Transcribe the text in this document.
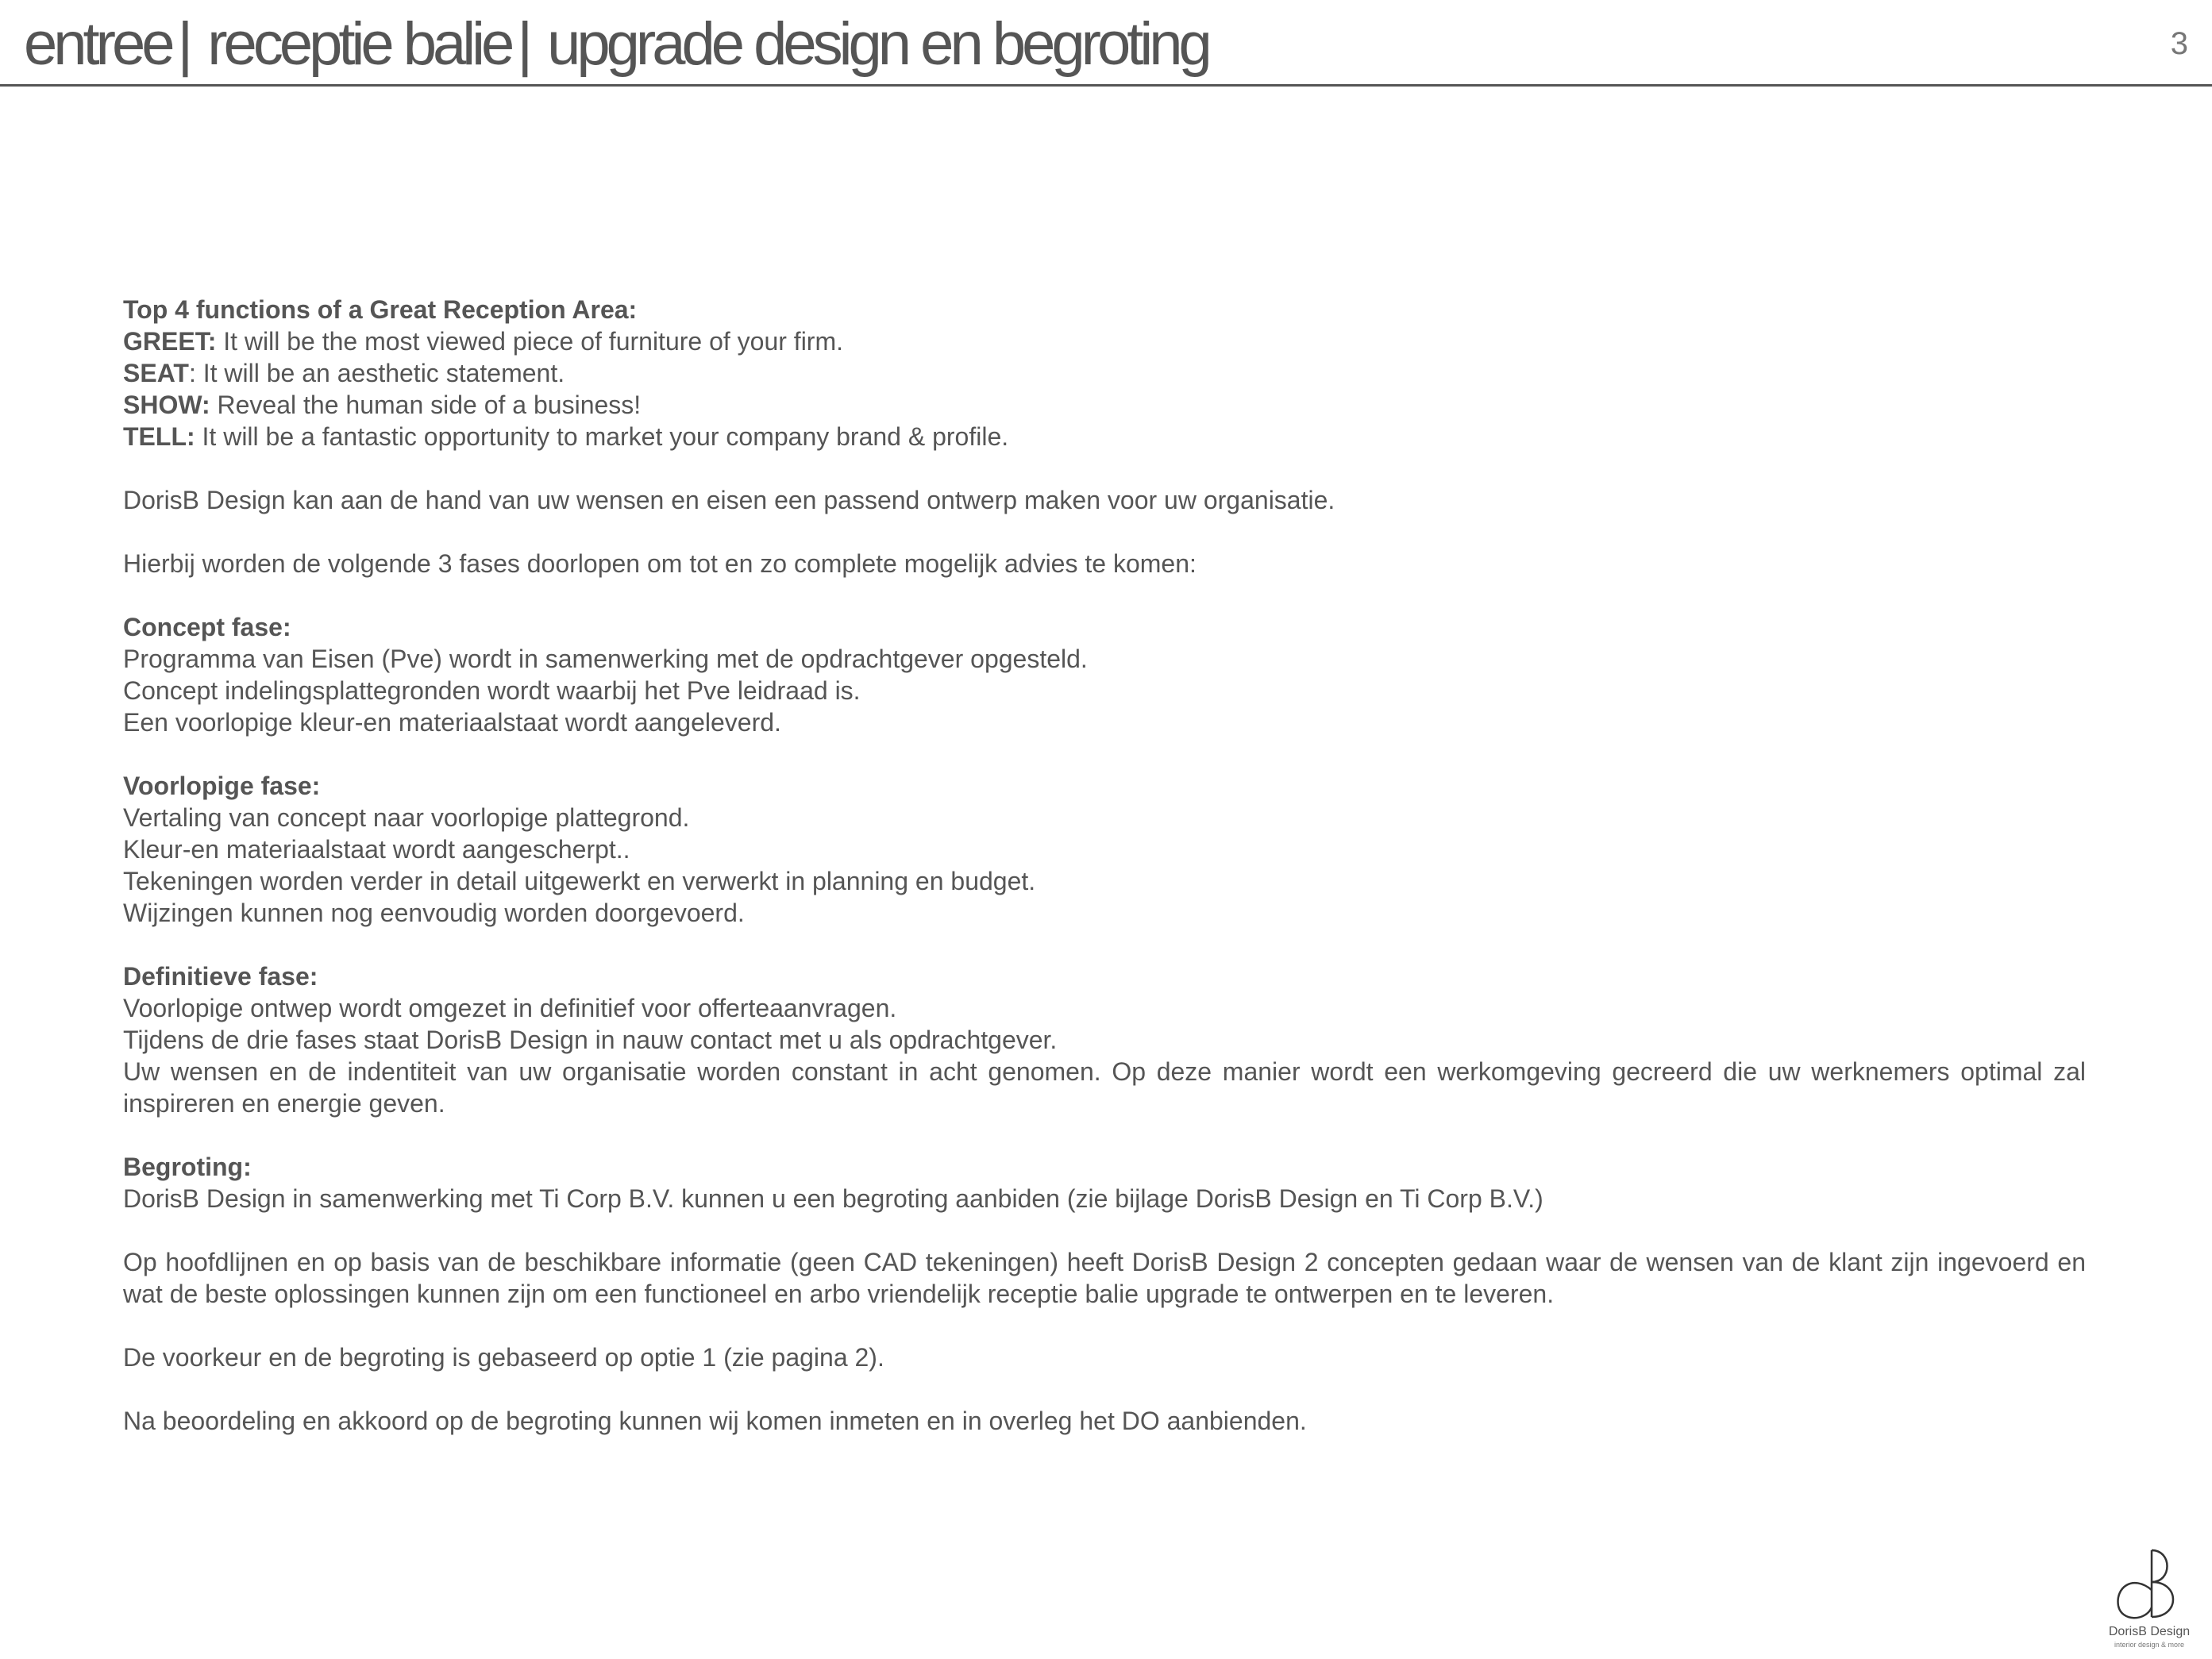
entree | receptie balie | upgrade design en begroting	3

Top 4 functions of a Great Reception Area:

GREET: It will be the most viewed piece of furniture of your firm.

SEAT: It will be an aesthetic statement.

SHOW: Reveal the human side of a business!

TELL: It will be a fantastic opportunity to market your company brand & profile.

DorisB Design kan aan de hand van uw wensen en eisen een passend ontwerp maken voor uw organisatie.

Hierbij worden de volgende 3 fases doorlopen om tot en zo complete mogelijk advies te komen:

Concept fase:

Programma van Eisen (Pve) wordt in samenwerking met de opdrachtgever opgesteld.

Concept indelingsplattegronden wordt waarbij het Pve leidraad is.

Een voorlopige kleur-en materiaalstaat wordt aangeleverd.

Voorlopige fase:

Vertaling van concept naar voorlopige plattegrond.

Kleur-en materiaalstaat wordt aangescherpt..

Tekeningen worden verder in detail uitgewerkt en verwerkt in planning en budget.

Wijzingen kunnen nog eenvoudig worden doorgevoerd.

Definitieve fase:

Voorlopige ontwep wordt omgezet in definitief voor offerteaanvragen.

Tijdens de drie fases staat DorisB Design in nauw contact met u als opdrachtgever.

Uw wensen en de indentiteit van uw organisatie worden constant in acht genomen. Op deze manier wordt een werkomgeving gecreerd die uw werknemers optimal zal inspireren en energie geven.

Begroting:

DorisB Design in samenwerking met Ti Corp B.V. kunnen u een begroting aanbiden (zie bijlage DorisB Design en Ti Corp B.V.)

Op hoofdlijnen en op basis van de beschikbare informatie (geen CAD tekeningen) heeft DorisB Design 2 concepten gedaan waar de wensen van de klant zijn ingevoerd en wat de beste oplossingen kunnen zijn om een functioneel en arbo vriendelijk receptie balie upgrade te ontwerpen en te leveren.

De voorkeur en de begroting is gebaseerd op optie 1 (zie pagina 2).

Na beoordeling en akkoord op de begroting kunnen wij komen inmeten en in overleg het DO aanbienden.

DorisB Design
interior design & more
